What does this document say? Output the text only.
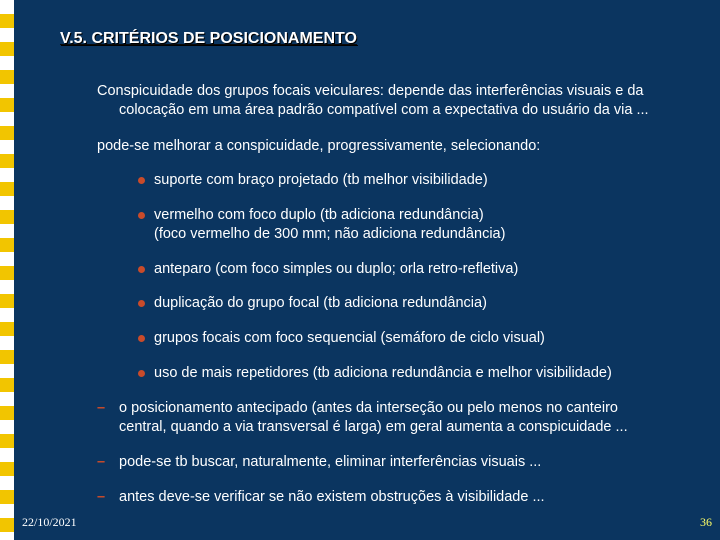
V.5. CRITÉRIOS DE POSICIONAMENTO
Conspicuidade dos grupos focais veiculares: depende das interferências visuais e da
colocação em uma área padrão compatível com a expectativa do usuário da via ...
pode-se melhorar a conspicuidade, progressivamente, selecionando:
suporte com braço projetado (tb melhor visibilidade)
vermelho com foco duplo (tb adiciona redundância)
(foco vermelho de 300 mm; não adiciona redundância)
anteparo (com foco simples ou duplo; orla retro-refletiva)
duplicação do grupo focal (tb adiciona redundância)
grupos focais com foco sequencial (semáforo de ciclo visual)
uso de mais repetidores (tb adiciona redundância e melhor visibilidade)
– o posicionamento antecipado (antes da interseção ou pelo menos no canteiro
central, quando a via transversal é larga) em geral aumenta a conspicuidade ...
– pode-se tb buscar, naturalmente, eliminar interferências visuais ...
– antes deve-se verificar se não existem obstruções à visibilidade ...
22/10/2021	36
